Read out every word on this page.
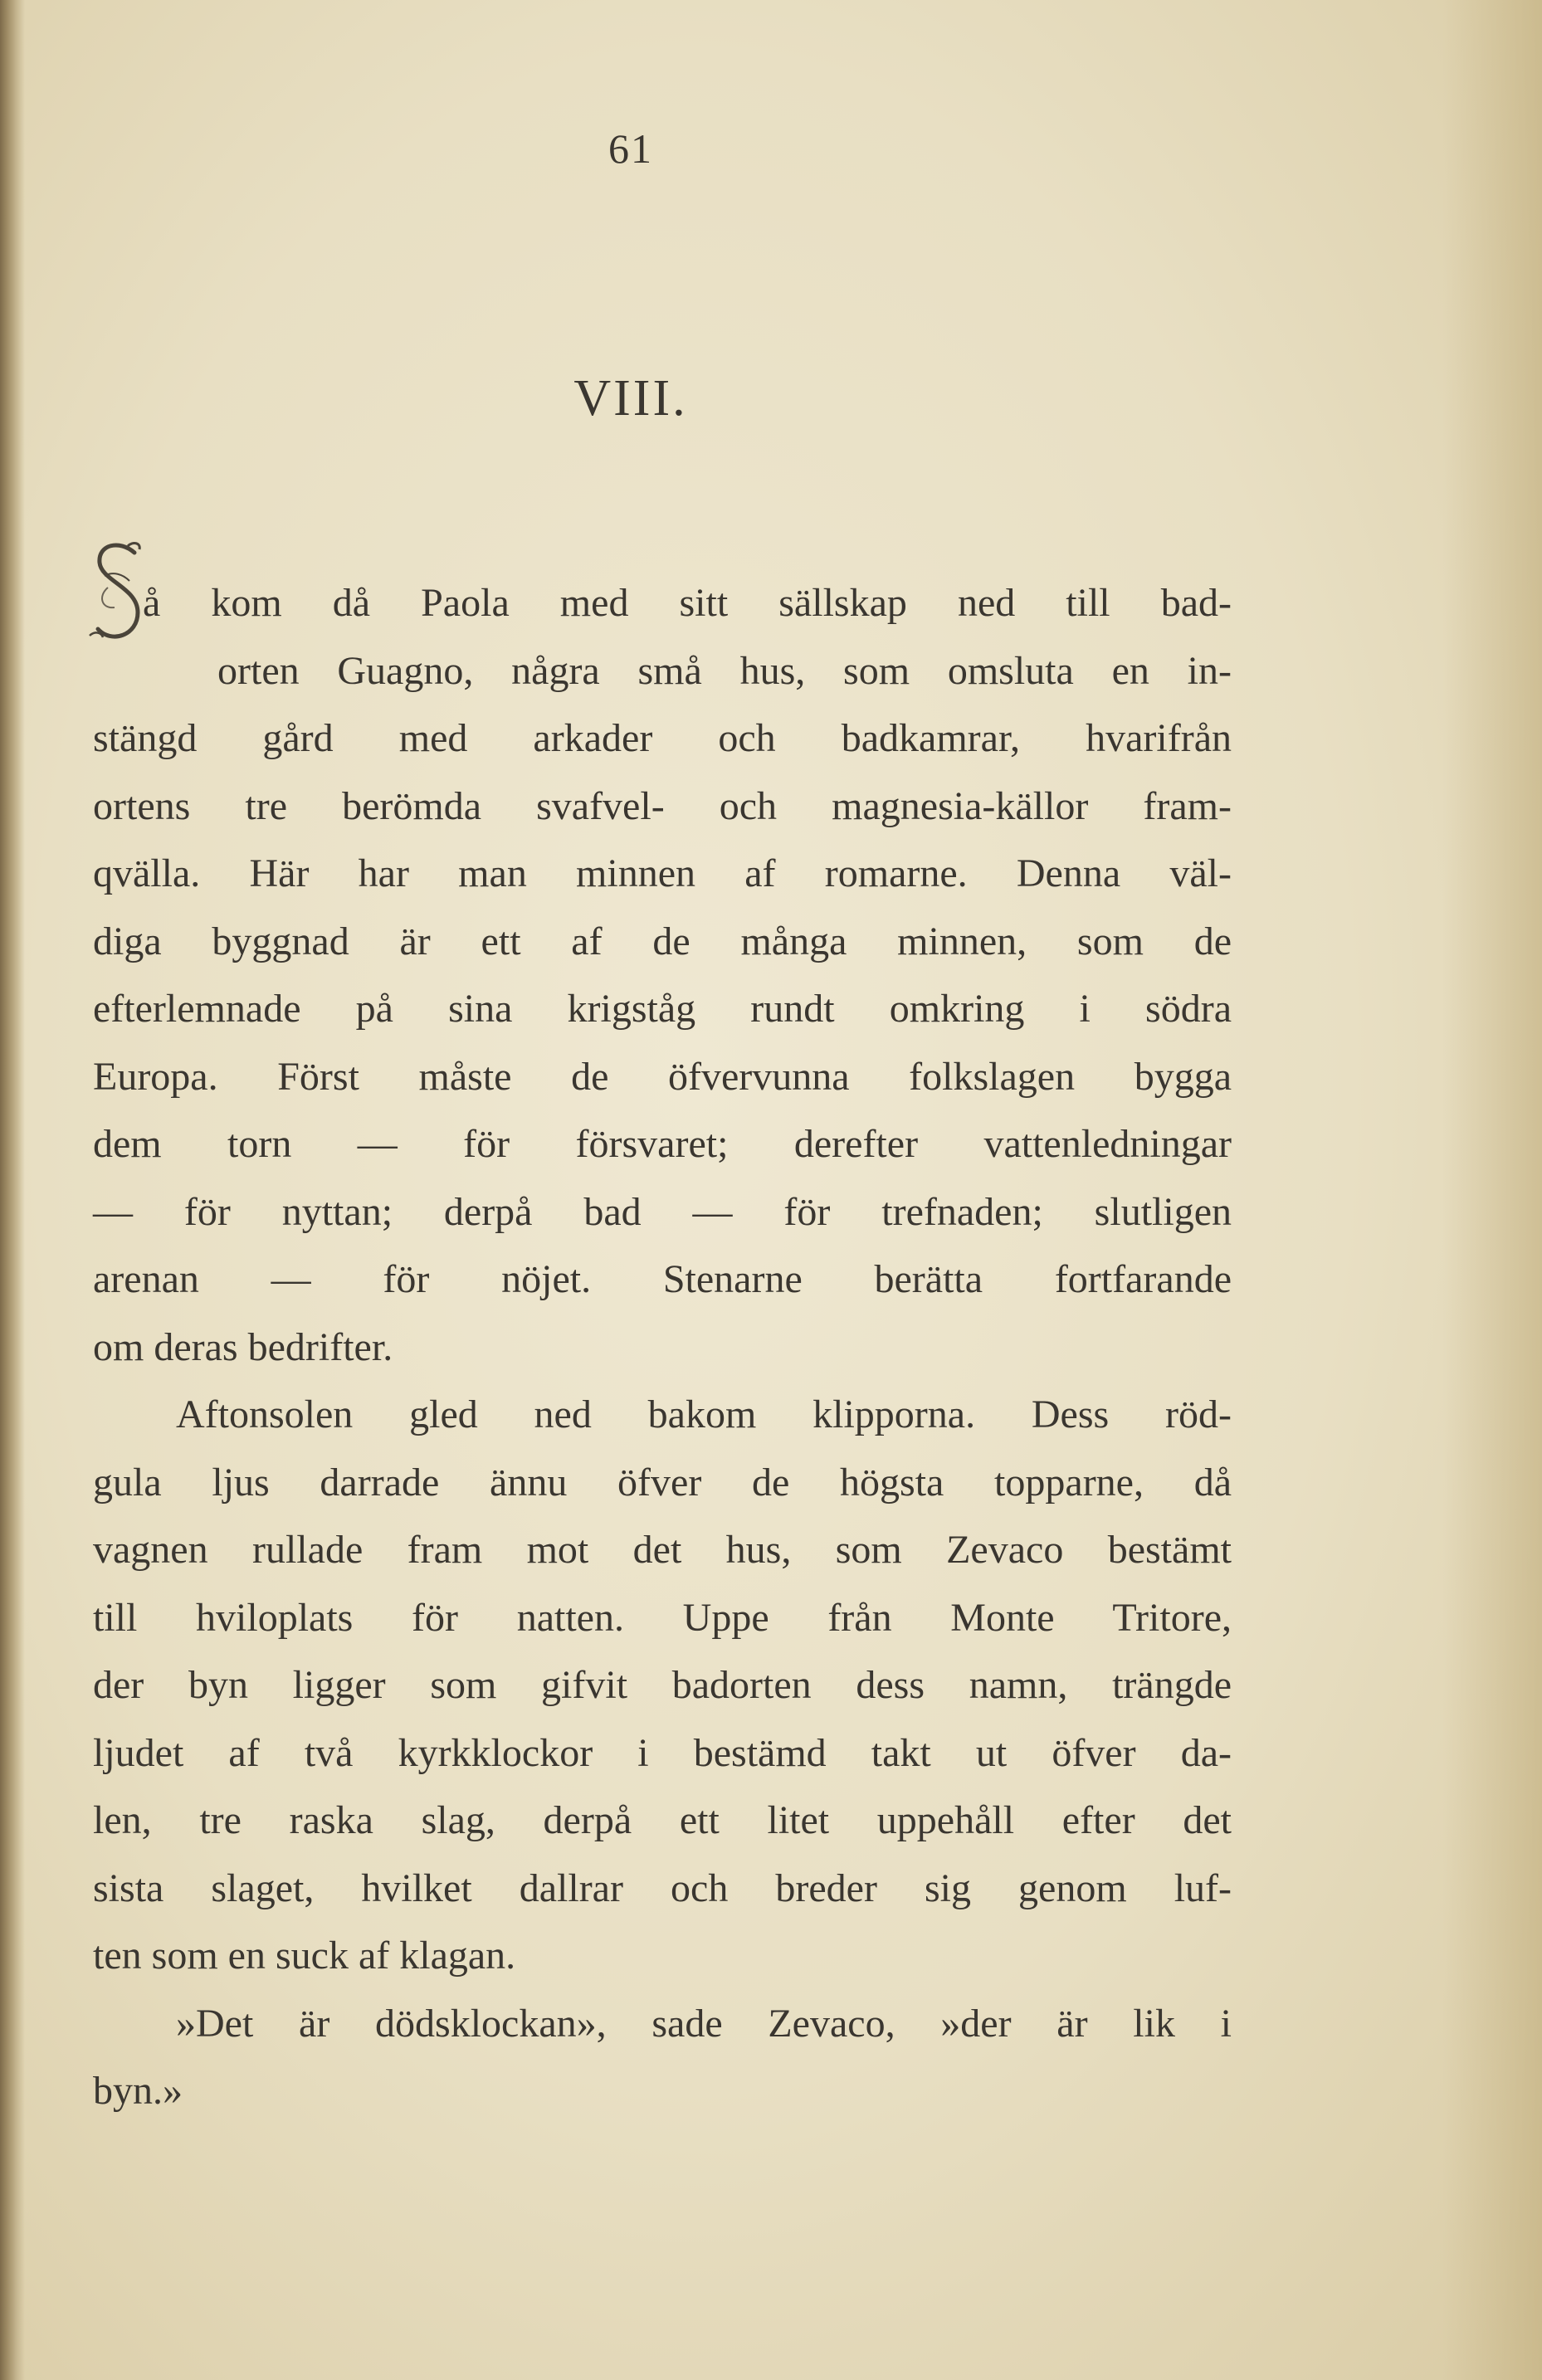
61
VIII.
å kom då Paola med sitt sällskap ned till bad-
orten Guagno, några små hus, som omsluta en in-
stängd gård med arkader och badkamrar, hvarifrån
ortens tre berömda svafvel- och magnesia-källor fram-
qvälla. Här har man minnen af romarne. Denna väl-
diga byggnad är ett af de många minnen, som de
efterlemnade på sina krigståg rundt omkring i södra
Europa. Först måste de öfvervunna folkslagen bygga
dem torn — för försvaret; derefter vattenledningar
— för nyttan; derpå bad — för trefnaden; slutligen
arenan — för nöjet. Stenarne berätta fortfarande
om deras bedrifter.
Aftonsolen gled ned bakom klipporna. Dess röd-
gula ljus darrade ännu öfver de högsta topparne, då
vagnen rullade fram mot det hus, som Zevaco bestämt
till hviloplats för natten. Uppe från Monte Tritore,
der byn ligger som gifvit badorten dess namn, trängde
ljudet af två kyrkklockor i bestämd takt ut öfver da-
len, tre raska slag, derpå ett litet uppehåll efter det
sista slaget, hvilket dallrar och breder sig genom luf-
ten som en suck af klagan.
»Det är dödsklockan», sade Zevaco, »der är lik i
byn.»
